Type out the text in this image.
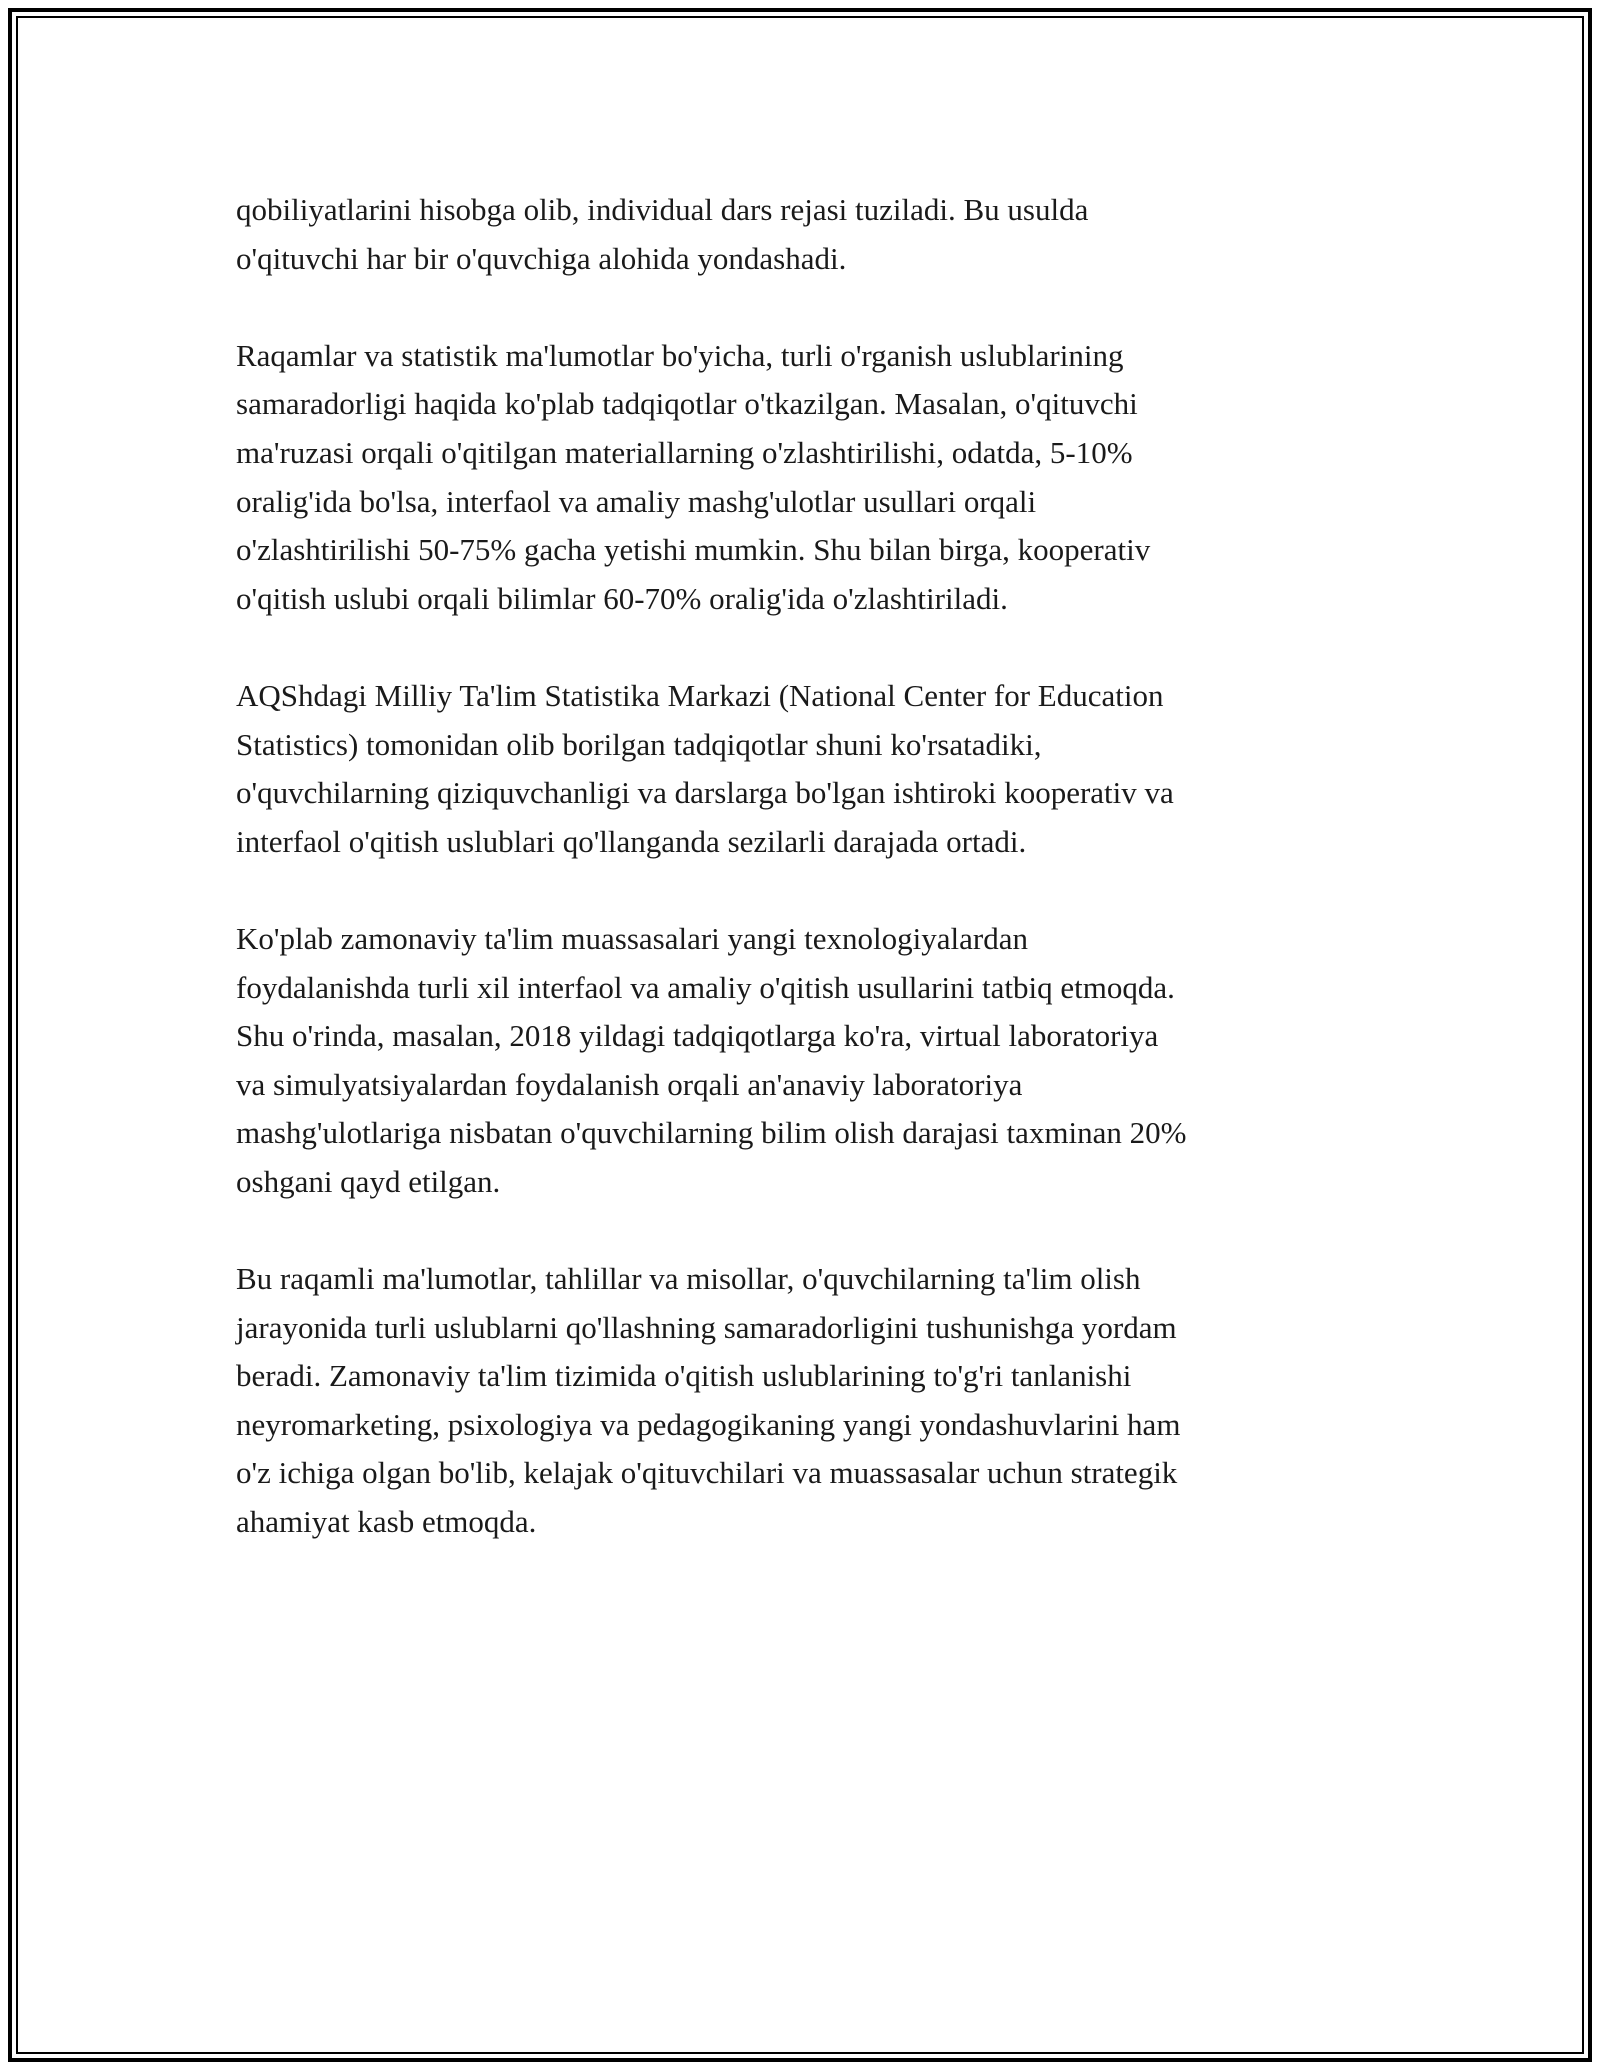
qobiliyatlarini hisobga olib, individual dars rejasi tuziladi. Bu usulda
o'qituvchi har bir o'quvchiga alohida yondashadi.

Raqamlar va statistik ma'lumotlar bo'yicha, turli o'rganish uslublarining
samaradorligi haqida ko'plab tadqiqotlar o'tkazilgan. Masalan, o'qituvchi
ma'ruzasi orqali o'qitilgan materiallarning o'zlashtirilishi, odatda, 5-10%
oralig'ida bo'lsa, interfaol va amaliy mashg'ulotlar usullari orqali
o'zlashtirilishi 50-75% gacha yetishi mumkin. Shu bilan birga, kooperativ
o'qitish uslubi orqali bilimlar 60-70% oralig'ida o'zlashtiriladi.

AQShdagi Milliy Ta'lim Statistika Markazi (National Center for Education
Statistics) tomonidan olib borilgan tadqiqotlar shuni ko'rsatadiki,
o'quvchilarning qiziquvchanligi va darslarga bo'lgan ishtiroki kooperativ va
interfaol o'qitish uslublari qo'llanganda sezilarli darajada ortadi.

Ko'plab zamonaviy ta'lim muassasalari yangi texnologiyalardan
foydalanishda turli xil interfaol va amaliy o'qitish usullarini tatbiq etmoqda.
Shu o'rinda, masalan, 2018 yildagi tadqiqotlarga ko'ra, virtual laboratoriya
va simulyatsiyalardan foydalanish orqali an'anaviy laboratoriya
mashg'ulotlariga nisbatan o'quvchilarning bilim olish darajasi taxminan 20%
oshgani qayd etilgan.

Bu raqamli ma'lumotlar, tahlillar va misollar, o'quvchilarning ta'lim olish
jarayonida turli uslublarni qo'llashning samaradorligini tushunishga yordam
beradi. Zamonaviy ta'lim tizimida o'qitish uslublarining to'g'ri tanlanishi
neyromarketing, psixologiya va pedagogikaning yangi yondashuvlarini ham
o'z ichiga olgan bo'lib, kelajak o'qituvchilari va muassasalar uchun strategik
ahamiyat kasb etmoqda.
